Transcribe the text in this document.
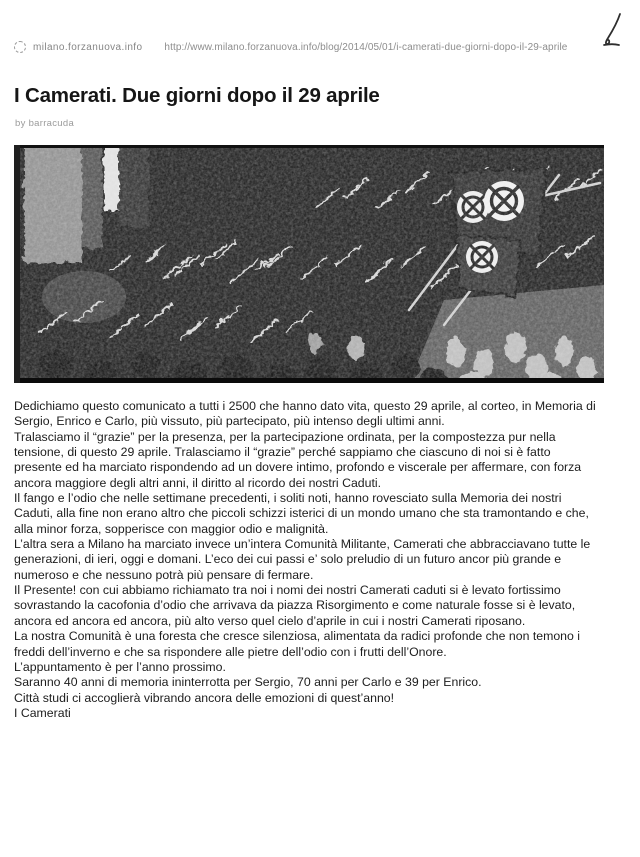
milano.forzanuova.info http://www.milano.forzanuova.info/blog/2014/05/01/i-camerati-due-giorni-dopo-il-29-aprile
I Camerati. Due giorni dopo il 29 aprile
by barracuda
Dedichiamo questo comunicato a tutti i 2500 che hanno dato vita, questo 29 aprile, al corteo, in Memoria di
Sergio, Enrico e Carlo, più vissuto, più partecipato, più intenso degli ultimi anni.
Tralasciamo il “grazie” per la presenza, per la partecipazione ordinata, per la compostezza pur nella
tensione, di questo 29 aprile. Tralasciamo il “grazie” perché sappiamo che ciascuno di noi si è fatto
presente ed ha marciato rispondendo ad un dovere intimo, profondo e viscerale per affermare, con forza
ancora maggiore degli altri anni, il diritto al ricordo dei nostri Caduti.
Il fango e l’odio che nelle settimane precedenti, i soliti noti, hanno rovesciato sulla Memoria dei nostri
Caduti, alla fine non erano altro che piccoli schizzi isterici di un mondo umano che sta tramontando e che,
alla minor forza, sopperisce con maggior odio e malignità.
L’altra sera a Milano ha marciato invece un’intera Comunità Militante, Camerati che abbracciavano tutte le
generazioni, di ieri, oggi e domani. L’eco dei cui passi e’ solo preludio di un futuro ancor più grande e
numeroso e che nessuno potrà più pensare di fermare.
Il Presente! con cui abbiamo richiamato tra noi i nomi dei nostri Camerati caduti si è levato fortissimo
sovrastando la cacofonia d’odio che arrivava da piazza Risorgimento e come naturale fosse si è levato,
ancora ed ancora ed ancora, più alto verso quel cielo d’aprile in cui i nostri Camerati riposano.
La nostra Comunità è una foresta che cresce silenziosa, alimentata da radici profonde che non temono i
freddi dell’inverno e che sa rispondere alle pietre dell’odio con i frutti dell’Onore.
L’appuntamento è per l’anno prossimo.
Saranno 40 anni di memoria ininterrotta per Sergio, 70 anni per Carlo e 39 per Enrico.
Città studi ci accoglierà vibrando ancora delle emozioni di quest’anno!
I Camerati
